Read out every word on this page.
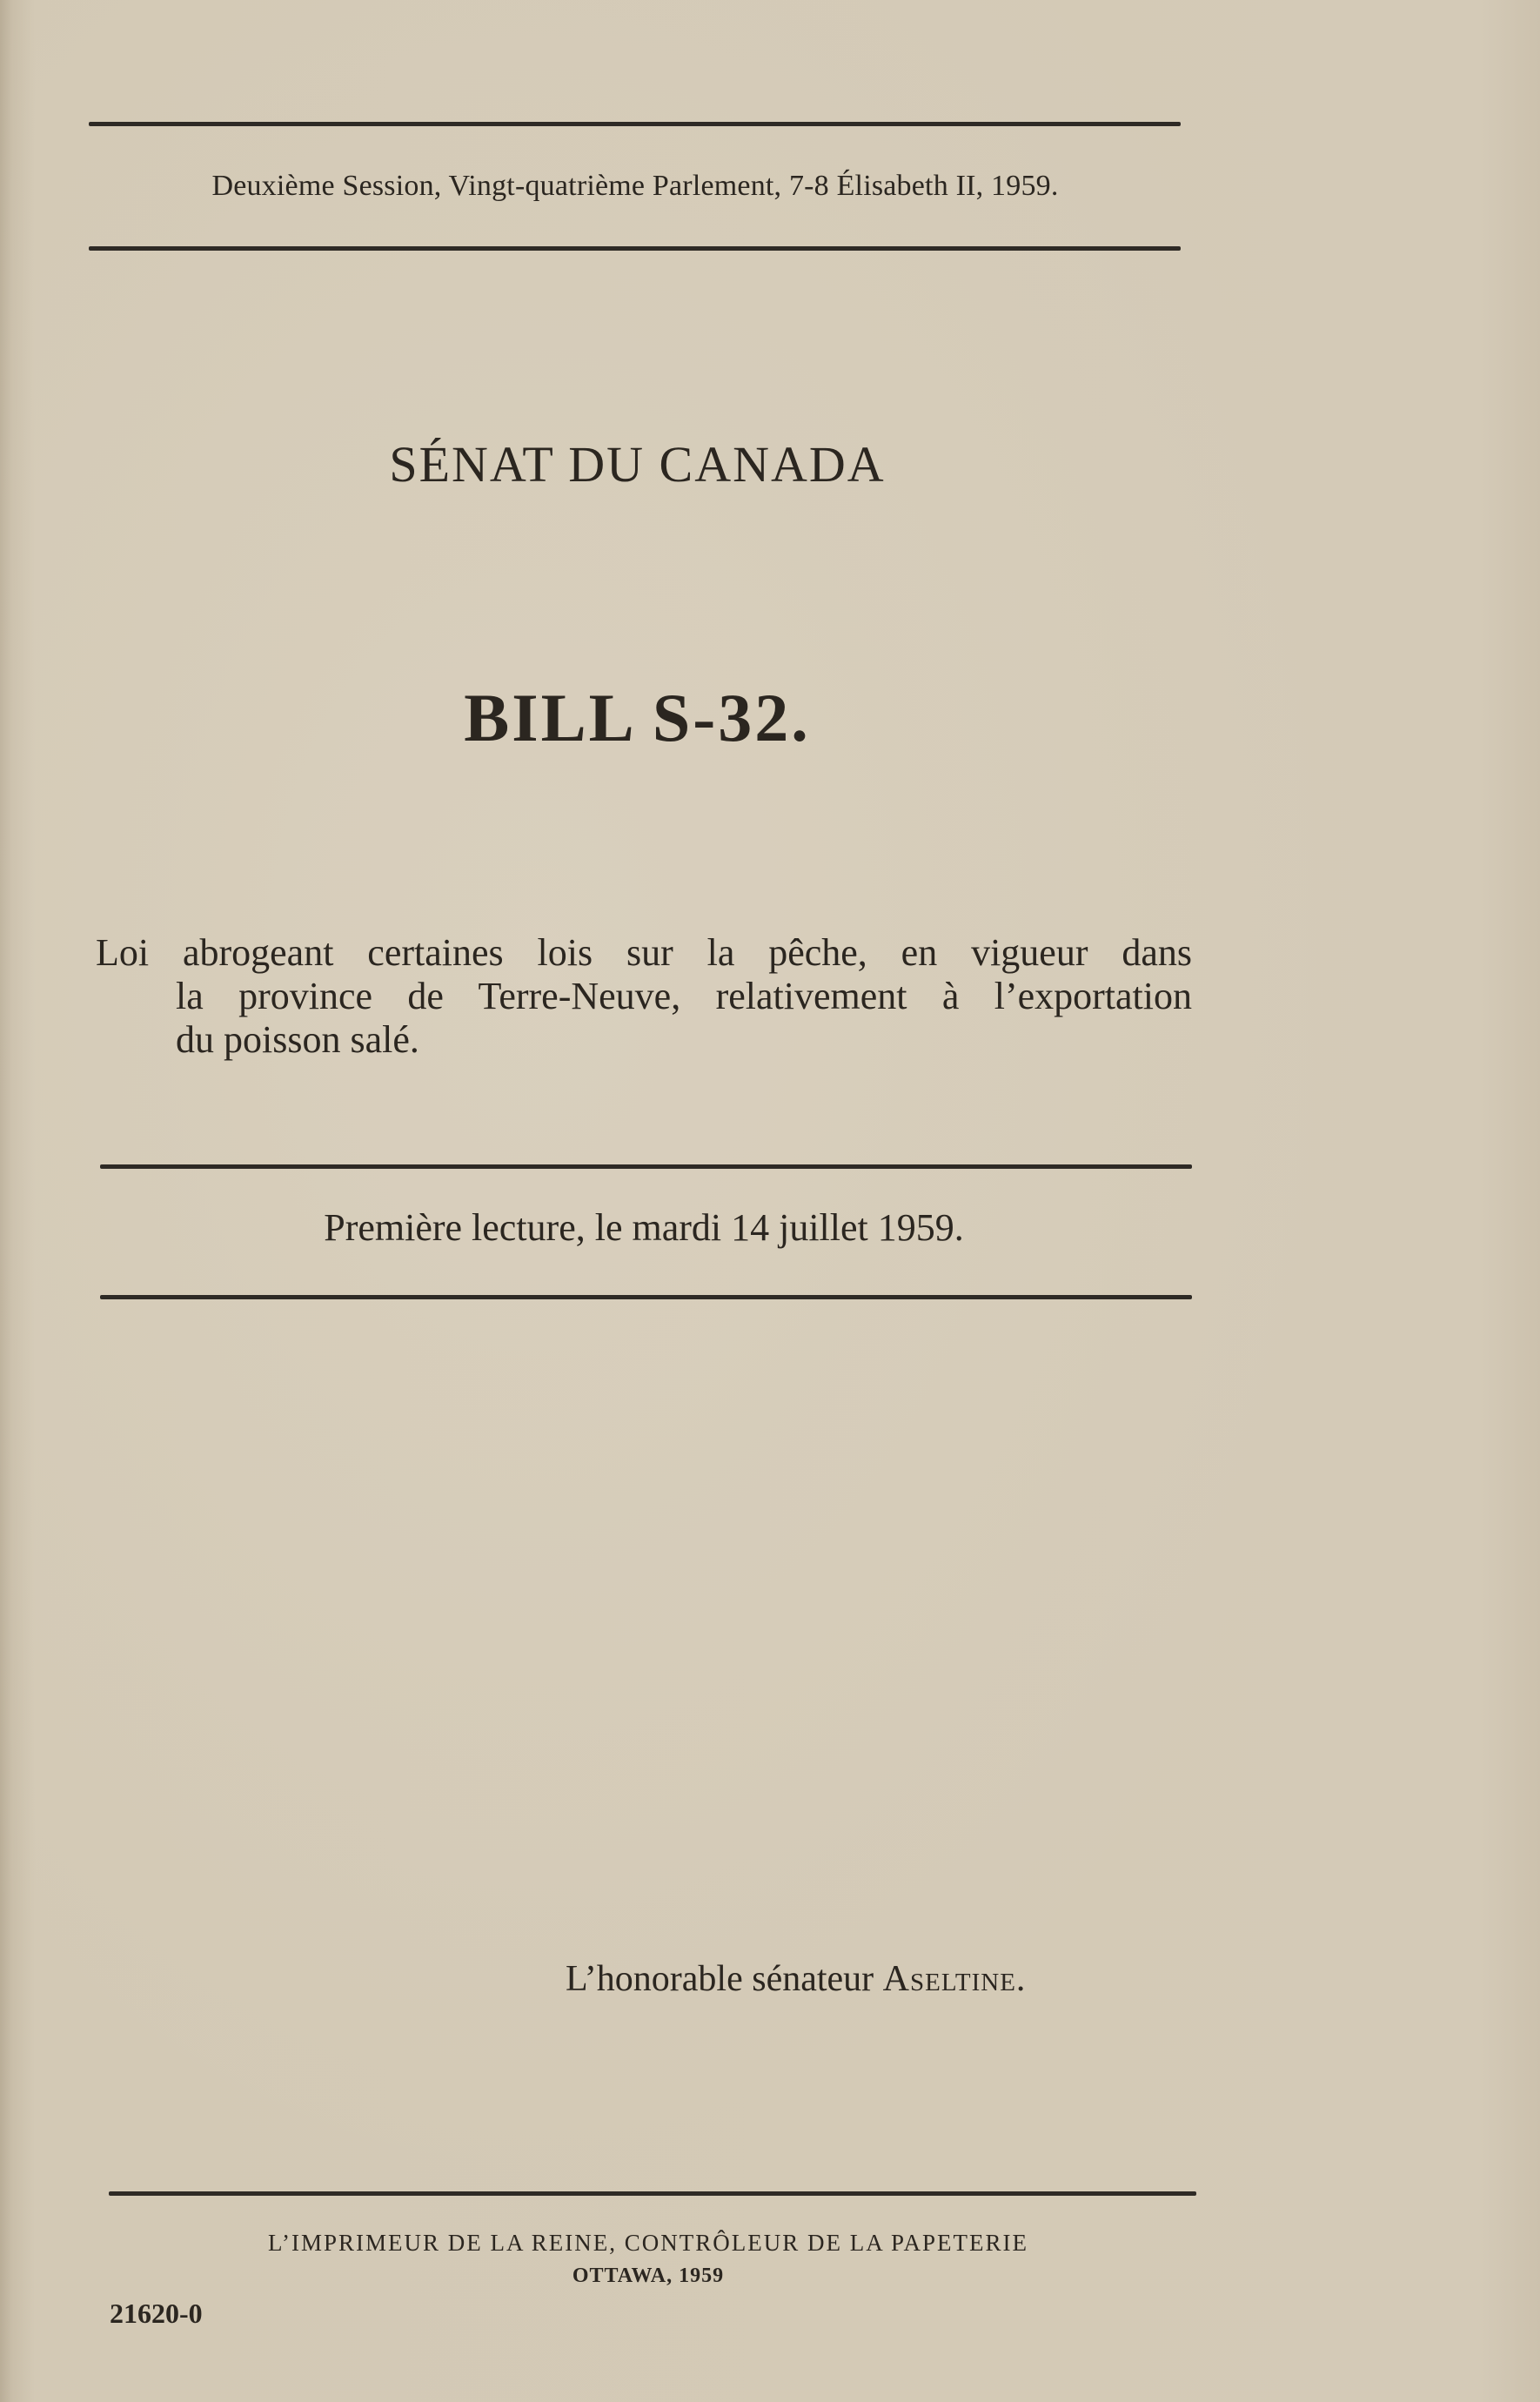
Deuxième Session, Vingt-quatrième Parlement, 7-8 Élisabeth II, 1959.
SÉNAT DU CANADA
BILL S-32.
Loi abrogeant certaines lois sur la pêche, en vigueur dans
la province de Terre-Neuve, relativement à l’exportation
du poisson salé.
Première lecture, le mardi 14 juillet 1959.
L’honorable sénateur Aseltine.
L’IMPRIMEUR DE LA REINE, CONTRÔLEUR DE LA PAPETERIE
OTTAWA, 1959
21620-0
